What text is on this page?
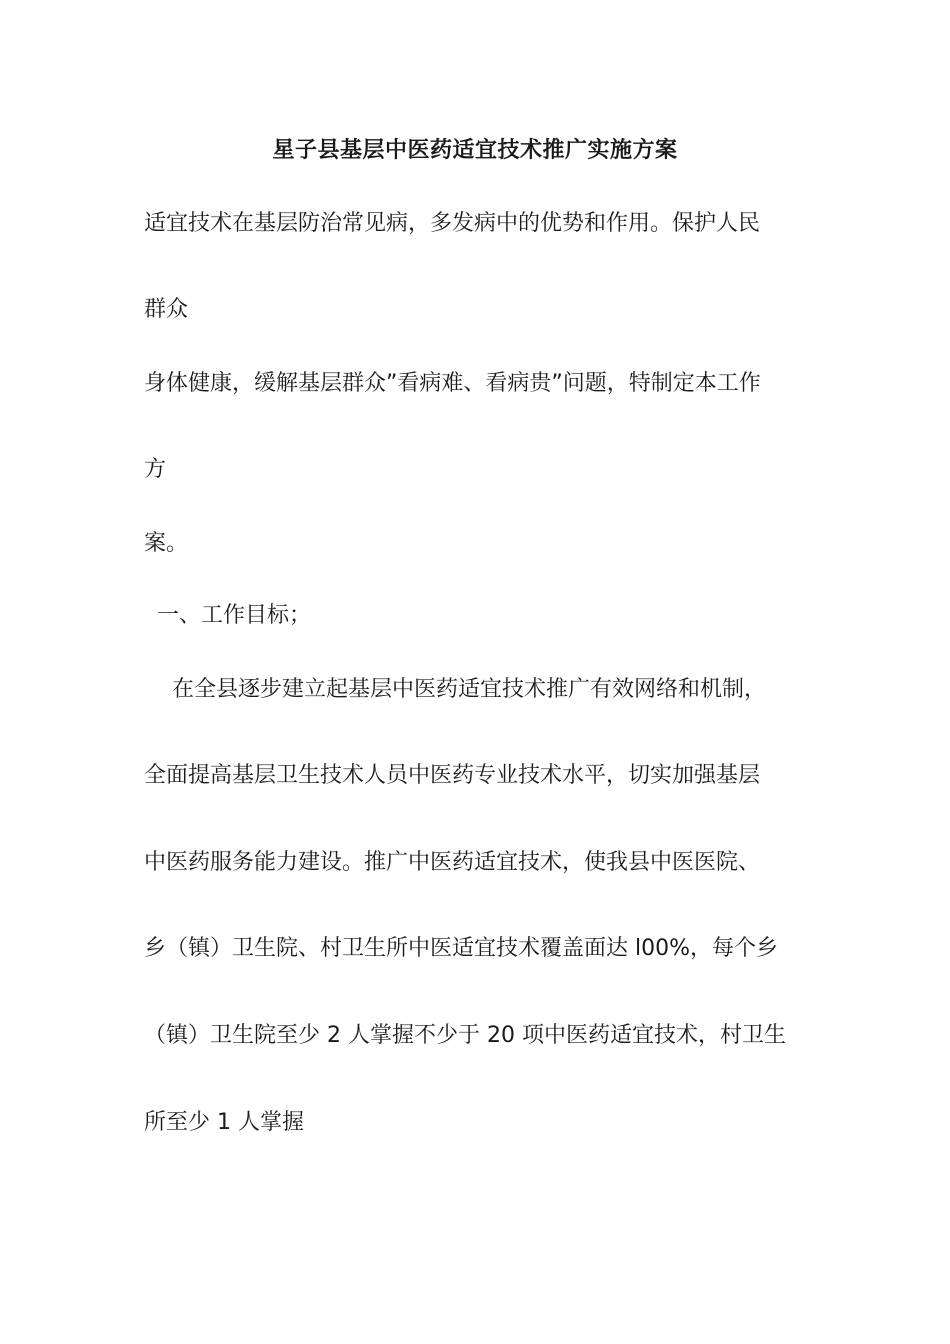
星子县基层中医药适宜技术推广实施方案
适宜技术在基层防治常见病，多发病中的优势和作用。保护人民
群众
身体健康，缓解基层群众”看病难、看病贵”问题，特制定本工作
方
案。
一、工作目标；
在全县逐步建立起基层中医药适宜技术推广有效网络和机制，
全面提高基层卫生技术人员中医药专业技术水平，切实加强基层
中医药服务能力建设。推广中医药适宜技术，使我县中医医院、
乡（镇）卫生院、村卫生所中医适宜技术覆盖面达 l00%，每个乡
（镇）卫生院至少 2 人掌握不少于 20 项中医药适宜技术，村卫生
所至少 1 人掌握
